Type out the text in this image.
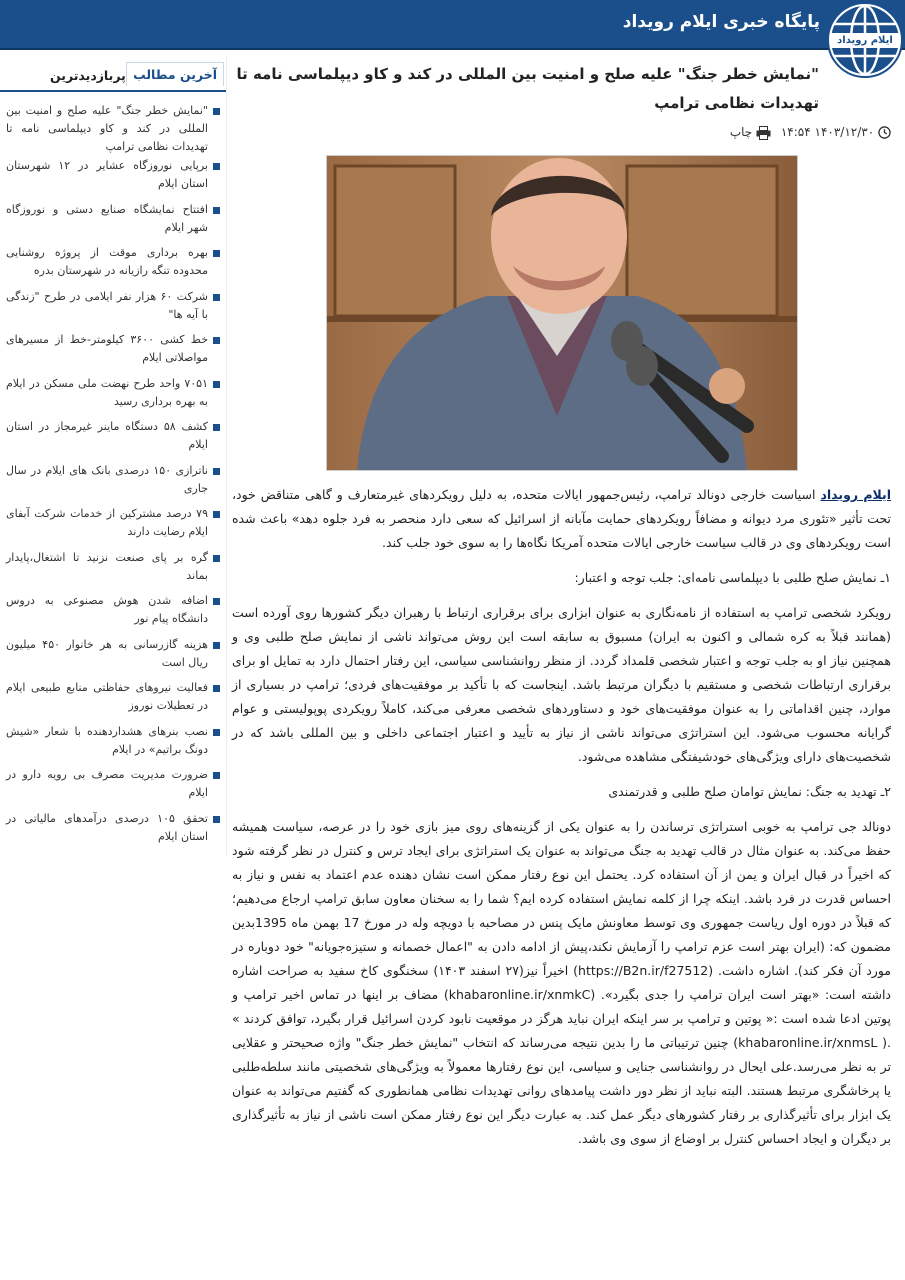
پایگاه خبری ایلام رویداد
ایلام رویداد
"نمایش خطر جنگ" علیه صلح و امنیت بین المللی در کند و کاو دیپلماسی نامه تا تهدیدات نظامی ترامپ
۱۴۰۳/۱۲/۳۰ ۱۴:۵۴  چاپ

ایلام رویداد اسیاست خارجی دونالد ترامپ، رئیس‌جمهور ایالات متحده، به دلیل رویکردهای غیرمتعارف و گاهی متناقض خود، تحت تأثیر «تئوری مرد دیوانه و مضافاً رویکردهای حمایت مآبانه از اسرائیل که سعی دارد منحصر به فرد جلوه دهد» باعث شده است رویکردهای وی در قالب سیاست خارجی ایالات متحده آمریکا نگاه‌ها را به سوی خود جلب کند.

۱ـ نمایش صلح طلبی با دیپلماسی نامه‌ای: جلب توجه و اعتبار:

رویکرد شخصی ترامپ به استفاده از نامه‌نگاری به عنوان ابزاری برای برقراری ارتباط با رهبران دیگر کشورها روی آورده است (همانند قبلاً به کره شمالی و اکنون به ایران) مسبوق به سابقه است این روش می‌تواند ناشی از نمایش صلح طلبی وی و همچنین نیاز او به جلب توجه و اعتبار شخصی قلمداد گردد. از منظر روانشناسی سیاسی، این رفتار احتمال دارد به تمایل او برای برقراری ارتباطات شخصی و مستقیم با دیگران مرتبط باشد. اینجاست که با تأکید بر موفقیت‌های فردی؛ ترامپ در بسیاری از موارد، چنین اقداماتی را به عنوان موفقیت‌های خود و دستاوردهای شخصی معرفی می‌کند، کاملاً رویکردی پوپولیستی و عوام گرایانه محسوب می‌شود. این استراتژی می‌تواند ناشی از نیاز به تأیید و اعتبار اجتماعی داخلی و بین المللی باشد که در شخصیت‌های دارای ویژگی‌های خودشیفتگی مشاهده می‌شود.

۲ـ تهدید به جنگ: نمایش توامان صلح طلبی و قدرتمندی

دونالد جی ترامپ به خوبی استراتژی ترساندن را به عنوان یکی از گزینه‌های روی میز بازی خود را در عرصه، سیاست همیشه حفظ می‌کند. به عنوان مثال در قالب تهدید به جنگ می‌تواند به عنوان یک استراتژی برای ایجاد ترس و کنترل در نظر گرفته شود که اخیراً در قبال ایران و یمن از آن استفاده کرد. یحتمل این نوع رفتار ممکن است نشان دهنده عدم اعتماد به نفس و نیاز به احساس قدرت در فرد باشد. اینکه چرا از کلمه نمایش استفاده کرده ایم؟ شما را به سخنان معاون سابق ترامپ ارجاع می‌دهیم؛ که قبلاً در دوره اول ریاست جمهوری وی توسط معاونش مایک پنس در مصاحبه با دویچه وله در مورخ 17 بهمن ماه 1395بدین مضمون که: (ایران بهتر است عزم ترامپ را آزمایش نکند،پیش از ادامه دادن به "اعمال خصمانه و ستیزه‌جویانه" خود دوباره در مورد آن فکر کند). اشاره داشت. (https://B2n.ir/f27512) اخیراً نیز(۲۷ اسفند ۱۴۰۳) سخنگوی کاخ سفید به صراحت اشاره داشته است: «بهتر است ایران ترامپ را جدی بگیرد». (khabaronline.ir/xnmkC) مضاف بر اینها در تماس اخیر ترامپ و پوتین ادعا شده است :« پوتین و ترامپ بر سر اینکه ایران نباید هرگز در موقعیت نابود کردن اسرائیل قرار بگیرد، توافق کردند » .( khabaronline.ir/xnmsL) چنین ترتیباتی ما را بدین نتیجه می‌رساند که انتخاب "نمایش خطر جنگ" واژه صحیحتر و عقلایی تر به نظر می‌رسد.علی ایحال در روانشناسی جنایی و سیاسی، این نوع رفتارها معمولاً به ویژگی‌های شخصیتی مانند سلطه‌طلبی یا پرخاشگری مرتبط هستند. البته نباید از نظر دور داشت پیامدهای روانی تهدیدات نظامی همانطوری که گفتیم می‌تواند به عنوان یک ابزار برای تأثیرگذاری بر رفتار کشورهای دیگر عمل کند. به عبارت دیگر این نوع رفتار ممکن است ناشی از نیاز به تأثیرگذاری بر دیگران و ایجاد احساس کنترل بر اوضاع از سوی وی باشد.

آخرین مطالب
پربازدیدترین
"نمایش خطر جنگ" علیه صلح و امنیت بین المللی در کند و کاو دیپلماسی نامه تا تهدیدات نظامی ترامپ
برپایی نوروزگاه عشایر در ۱۲ شهرستان استان ایلام
افتتاح نمایشگاه صنایع دستی و نوروزگاه شهر ایلام
بهره برداری موقت از پروژه روشنایی محدوده تنگه رازیانه در شهرستان بدره
شرکت ۶۰ هزار نفر ایلامی در طرح "زندگی با آیه ها"
خط کشی ۳۶۰۰ کیلومتر-خط از مسیرهای مواصلاتی ایلام
۷۰۵۱ واحد طرح نهضت ملی مسکن در ایلام به بهره برداری رسید
کشف ۵۸ دستگاه ماینر غیرمجاز در استان ایلام
ناترازی ۱۵۰ درصدی بانک های ایلام در سال جاری
۷۹ درصد مشترکین از خدمات شرکت آبفای ایلام رضایت دارند
گره بر پای صنعت نزنید تا اشتغال،پایدار بماند
اضافه شدن هوش مصنوعی به دروس دانشگاه پیام نور
هزینه گازرسانی به هر خانوار ۴۵۰ میلیون ریال است
فعالیت نیروهای حفاظتی منابع طبیعی ایلام در تعطیلات نوروز
نصب بنرهای هشداردهنده با شعار «شیش دونگ براتیم» در ایلام
ضرورت مدیریت مصرف بی رویه دارو در ایلام
تحقق ۱۰۵ درصدی درآمدهای مالیاتی در استان ایلام
